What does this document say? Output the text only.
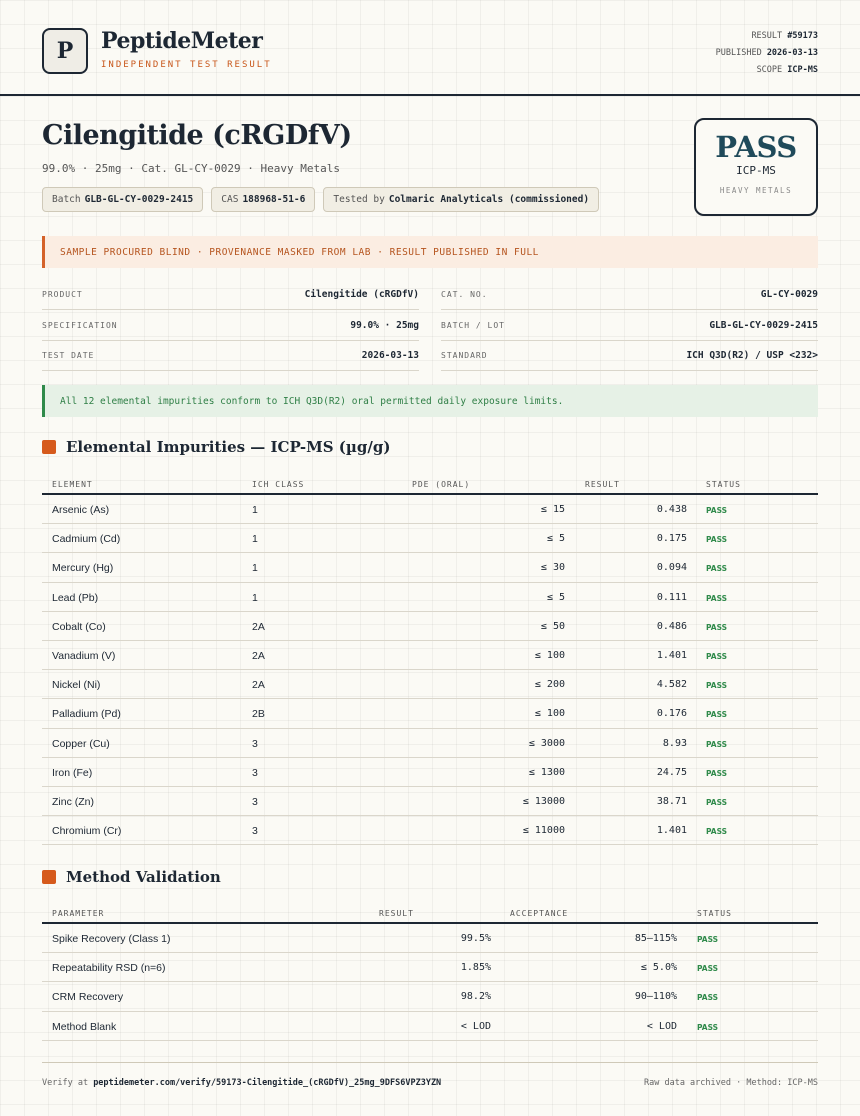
P	PeptideMeter
INDEPENDENT TEST RESULT
RESULT #59173
PUBLISHED 2026-03-13
SCOPE ICP-MS
Cilengitide (cRGDfV)
99.0% · 25mg · Cat. GL-CY-0029 · Heavy Metals
Batch GLB-GL-CY-0029-2415	CAS 188968-51-6	Tested by Colmaric Analyticals (commissioned)
PASS
ICP-MS
HEAVY METALS
SAMPLE PROCURED BLIND · PROVENANCE MASKED FROM LAB · RESULT PUBLISHED IN FULL
PRODUCT	Cilengitide (cRGDfV)
SPECIFICATION	99.0% · 25mg
TEST DATE	2026-03-13
CAT. NO.	GL-CY-0029
BATCH / LOT	GLB-GL-CY-0029-2415
STANDARD	ICH Q3D(R2) / USP <232>
All 12 elemental impurities conform to ICH Q3D(R2) oral permitted daily exposure limits.
Elemental Impurities — ICP-MS (µg/g)
ELEMENT	ICH CLASS	PDE (ORAL)	RESULT	STATUS
Arsenic (As)	1	≤ 15	0.438	PASS
Cadmium (Cd)	1	≤ 5	0.175	PASS
Mercury (Hg)	1	≤ 30	0.094	PASS
Lead (Pb)	1	≤ 5	0.111	PASS
Cobalt (Co)	2A	≤ 50	0.486	PASS
Vanadium (V)	2A	≤ 100	1.401	PASS
Nickel (Ni)	2A	≤ 200	4.582	PASS
Palladium (Pd)	2B	≤ 100	0.176	PASS
Copper (Cu)	3	≤ 3000	8.93	PASS
Iron (Fe)	3	≤ 1300	24.75	PASS
Zinc (Zn)	3	≤ 13000	38.71	PASS
Chromium (Cr)	3	≤ 11000	1.401	PASS
Method Validation
PARAMETER	RESULT	ACCEPTANCE	STATUS
Spike Recovery (Class 1)	99.5%	85–115%	PASS
Repeatability RSD (n=6)	1.85%	≤ 5.0%	PASS
CRM Recovery	98.2%	90–110%	PASS
Method Blank	< LOD	< LOD	PASS
Verify at peptidemeter.com/verify/59173-Cilengitide_(cRGDfV)_25mg_9DFS6VPZ3YZN	Raw data archived · Method: ICP-MS
